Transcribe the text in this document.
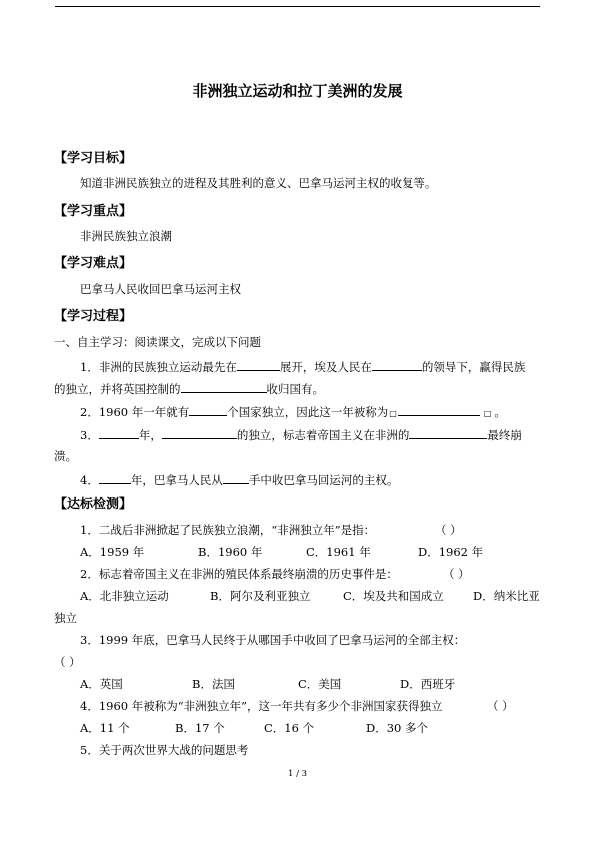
非洲独立运动和拉丁美洲的发展
【学习目标】
知道非洲民族独立的进程及其胜利的意义、巴拿马运河主权的收复等。
【学习重点】
非洲民族独立浪潮
【学习难点】
巴拿马人民收回巴拿马运河主权
【学习过程】
一、自主学习：阅读课文，完成以下问题
1．非洲的民族独立运动最先在	展开，埃及人民在	的领导下，赢得民族
的独立，并将英国控制的	收归国有。
2．1960 年一年就有	个国家独立，因此这一年被称为□	□ 。
3．	年，	的独立，标志着帝国主义在非洲的	最终崩
溃。
4．	年，巴拿马人民从 手中收巴拿马回运河的主权。
【达标检测】
1．二战后非洲掀起了民族独立浪潮，“非洲独立年”是指：	（ ）
A．1959 年	B．1960 年	C．1961 年	D．1962 年
2．标志着帝国主义在非洲的殖民体系最终崩溃的历史事件是：	（ ）
A．北非独立运动	B．阿尔及利亚独立	C．埃及共和国成立	D．纳米比亚
独立
3．1999 年底，巴拿马人民终于从哪国手中收回了巴拿马运河的全部主权：
（ ）
A．英国	B．法国	C．美国	D．西班牙
4．1960 年被称为“非洲独立年”，这一年共有多少个非洲国家获得独立	（ ）
A．11 个	B．17 个	C．16 个	D．30 多个
5．关于两次世界大战的问题思考
1 / 3
